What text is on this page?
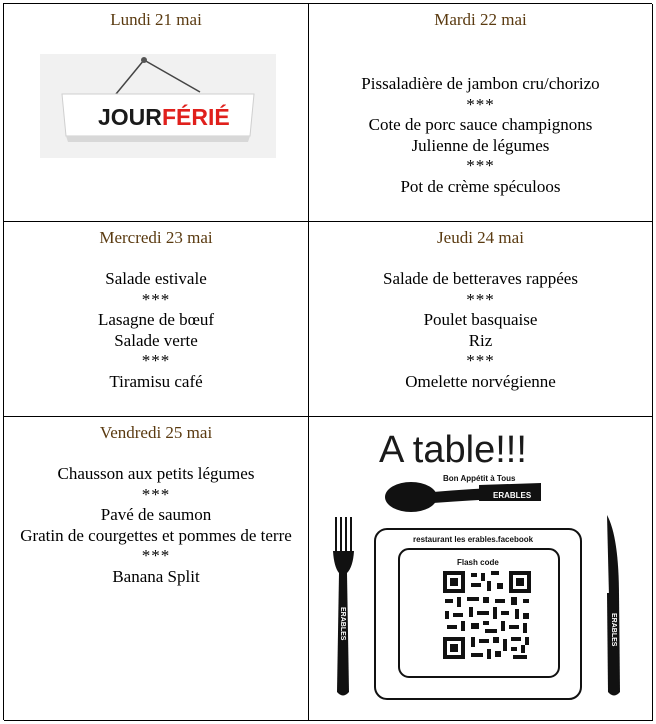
Lundi 21 mai
JOUR FÉRIÉ
Mardi 22 mai
Pissaladière de jambon cru/chorizo
***
Cote de porc sauce champignons
Julienne de légumes
***
Pot de crème spéculoos
Mercredi 23 mai
Salade estivale
***
Lasagne de bœuf
Salade verte
***
Tiramisu café
Jeudi 24 mai
Salade de betteraves rappées
***
Poulet basquaise
Riz
***
Omelette norvégienne
Vendredi 25 mai
Chausson aux petits légumes
***
Pavé de saumon
Gratin de courgettes et pommes de terre
***
Banana Split
A table!!!
ERABLES
Bon Appétit à Tous
ERABLES	ERABLES
restaurant les erables.facebook
Flash code
